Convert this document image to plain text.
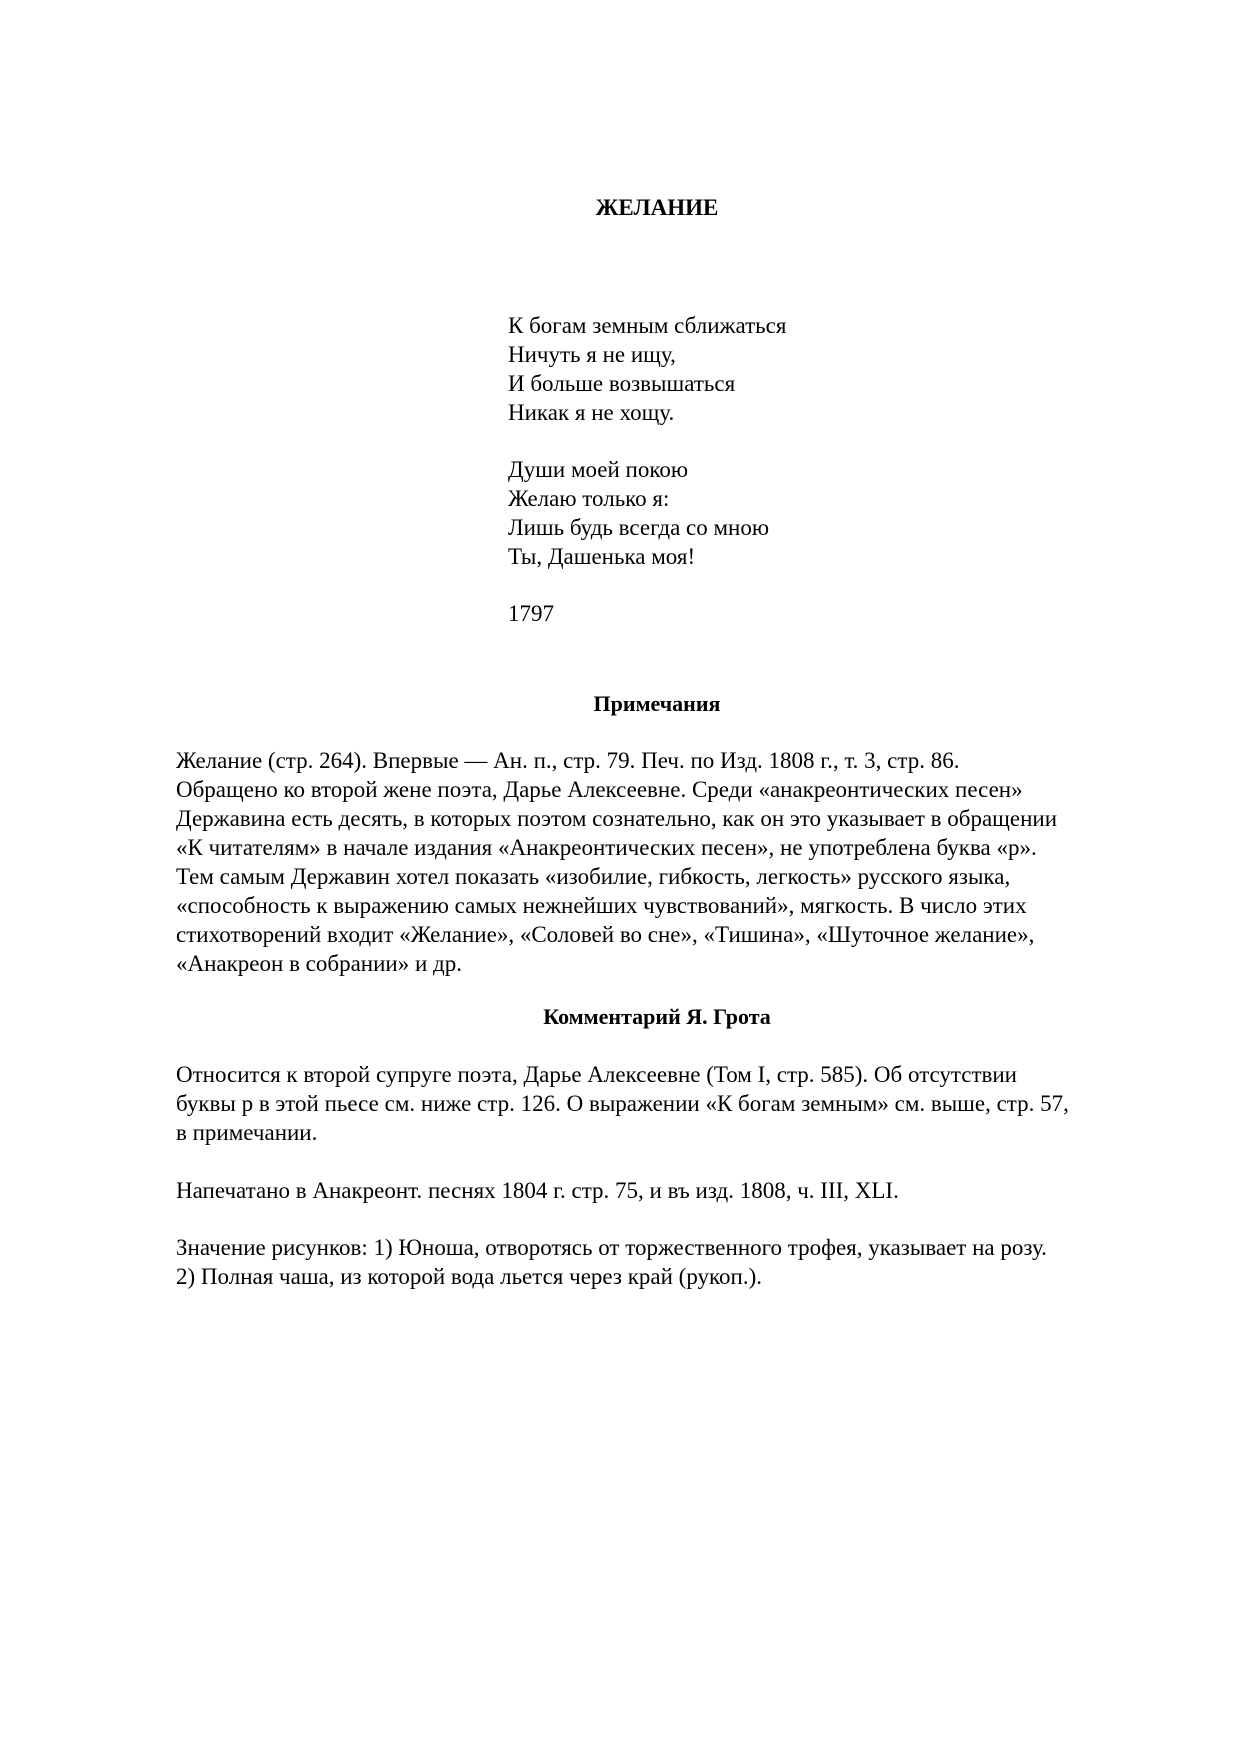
ЖЕЛАНИЕ
К богам земным сближаться
Ничуть я не ищу,
И больше возвышаться
Никак я не хощу.
Души моей покою
Желаю только я:
Лишь будь всегда со мною
Ты, Дашенька моя!
1797
Примечания
Желание (стр. 264). Впервые — Ан. п., стр. 79. Печ. по Изд. 1808 г., т. 3, стр. 86.
Обращено ко второй жене поэта, Дарье Алексеевне. Среди «анакреонтических песен»
Державина есть десять, в которых поэтом сознательно, как он это указывает в обращении
«К читателям» в начале издания «Анакреонтических песен», не употреблена буква «р».
Тем самым Державин хотел показать «изобилие, гибкость, легкость» русского языка,
«способность к выражению самых нежнейших чувствований», мягкость. В число этих
стихотворений входит «Желание», «Соловей во сне», «Тишина», «Шуточное желание»,
«Анакреон в собрании» и др.
Комментарий Я. Грота
Относится к второй супруге поэта, Дарье Алексеевне (Том I, стр. 585). Об отсутствии
буквы р в этой пьесе см. ниже стр. 126. О выражении «К богам земным» см. выше, стр. 57,
в примечании.
Напечатано в Анакреонт. песнях 1804 г. стр. 75, и въ изд. 1808, ч. III, XLI.
Значение рисунков: 1) Юноша, отворотясь от торжественного трофея, указывает на розу.
2) Полная чаша, из которой вода льется через край (рукоп.).
